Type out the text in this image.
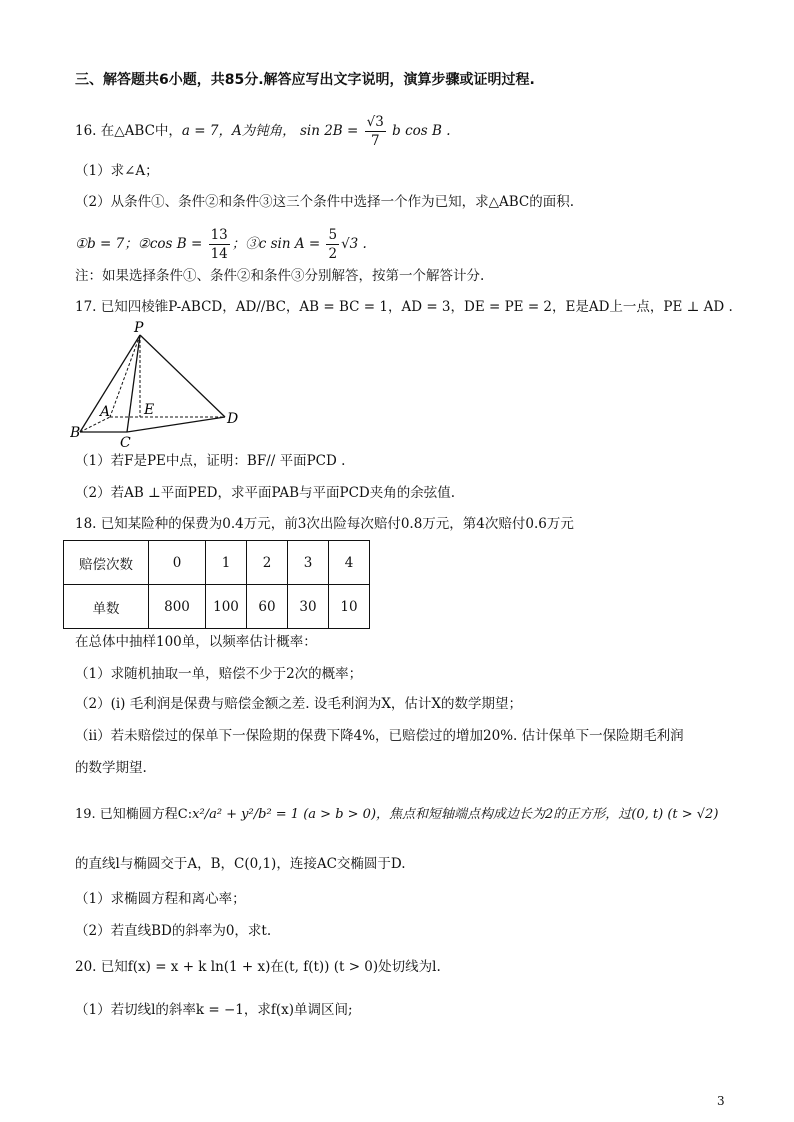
三、解答题共6小题，共85分.解答应写出文字说明，演算步骤或证明过程.
16. 在△ABC中，a = 7，A为钝角， $\sin 2B = \frac{√3}{7}$ b cos B .
（1）求∠A；
（2）从条件①、条件②和条件③这三个条件中选择一个作为已知，求△ABC的面积.
①b = 7；②cos $B = \frac{13}{14}$ ；③c $\sin A = \frac{5}{2} √3$ .
注：如果选择条件①、条件②和条件③分别解答，按第一个解答计分.
17. 已知四棱锥P-ABCD，AD//BC，AB = BC = 1，AD = 3，DE = PE = 2，E是AD上一点，PE ⊥ AD .
P
A E
D
B
C
（1）若F是PE中点，证明：BF// 平面PCD .
（2）若AB ⊥平面PED，求平面PAB与平面PCD夹角的余弦值.
18. 已知某险种的保费为0.4万元，前3次出险每次赔付0.8万元，第4次赔付0.6万元
赔偿次数	0	1	2	3	4
单数	800	100	60	30	10
在总体中抽样100单，以频率估计概率：
（1）求随机抽取一单，赔偿不少于2次的概率；
（2）(i) 毛利润是保费与赔偿金额之差. 设毛利润为X，估计X的数学期望；
（ii）若未赔偿过的保单下一保险期的保费下降4%，已赔偿过的增加20%. 估计保单下一保险期毛利润
的数学期望.
19. 已知椭圆方程C:x²/a² + y²/b² = 1 (a > b > 0)，焦点和短轴端点构成边长为2的正方形，过(0, t) (t > √2)
的直线l与椭圆交于A，B，C(0,1)，连接AC交椭圆于D.
（1）求椭圆方程和离心率；
（2）若直线BD的斜率为0，求t.
20. 已知f(x) = x + k ln(1 + x)在(t, f(t)) (t > 0)处切线为l.
（1）若切线l的斜率k = −1，求f(x)单调区间;
3
